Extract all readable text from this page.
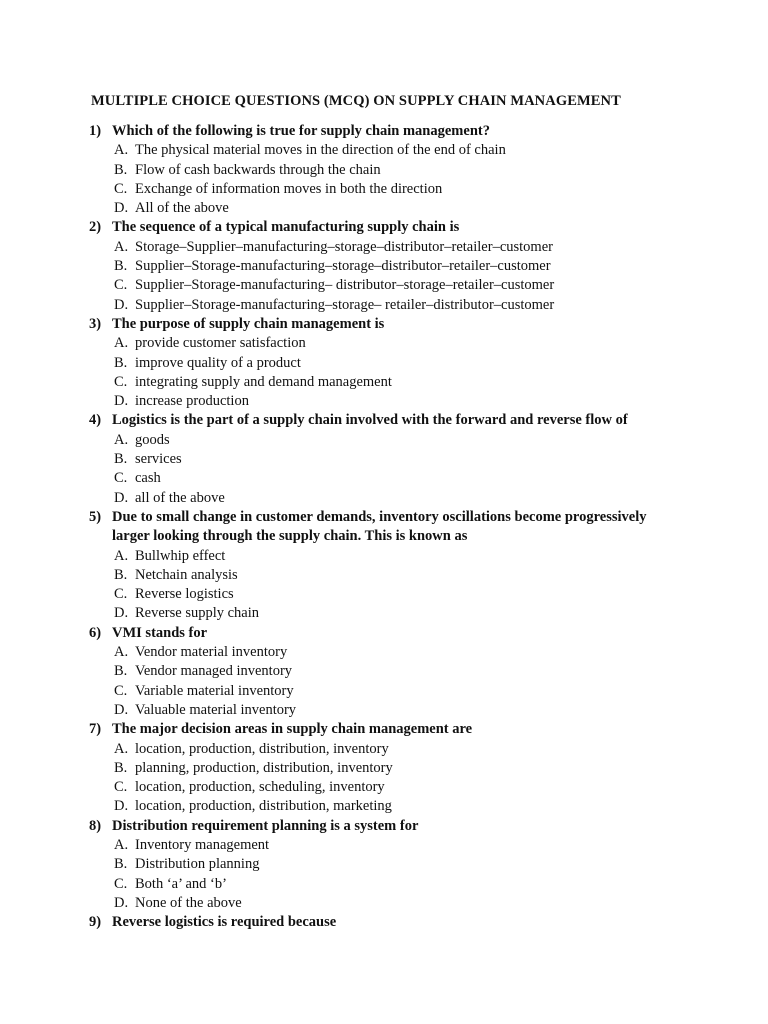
MULTIPLE CHOICE QUESTIONS (MCQ) ON SUPPLY CHAIN MANAGEMENT
1) Which of the following is true for supply chain management?
A. The physical material moves in the direction of the end of chain
B. Flow of cash backwards through the chain
C. Exchange of information moves in both the direction
D. All of the above
2) The sequence of a typical manufacturing supply chain is
A. Storage–Supplier–manufacturing–storage–distributor–retailer–customer
B. Supplier–Storage-manufacturing–storage–distributor–retailer–customer
C. Supplier–Storage-manufacturing– distributor–storage–retailer–customer
D. Supplier–Storage-manufacturing–storage– retailer–distributor–customer
3) The purpose of supply chain management is
A. provide customer satisfaction
B. improve quality of a product
C. integrating supply and demand management
D. increase production
4) Logistics is the part of a supply chain involved with the forward and reverse flow of
A. goods
B. services
C. cash
D. all of the above
5) Due to small change in customer demands, inventory oscillations become progressively larger looking through the supply chain. This is known as
A. Bullwhip effect
B. Netchain analysis
C. Reverse logistics
D. Reverse supply chain
6) VMI stands for
A. Vendor material inventory
B. Vendor managed inventory
C. Variable material inventory
D. Valuable material inventory
7) The major decision areas in supply chain management are
A. location, production, distribution, inventory
B. planning, production, distribution, inventory
C. location, production, scheduling, inventory
D. location, production, distribution, marketing
8) Distribution requirement planning is a system for
A. Inventory management
B. Distribution planning
C. Both ‘a’ and ‘b’
D. None of the above
9) Reverse logistics is required because
